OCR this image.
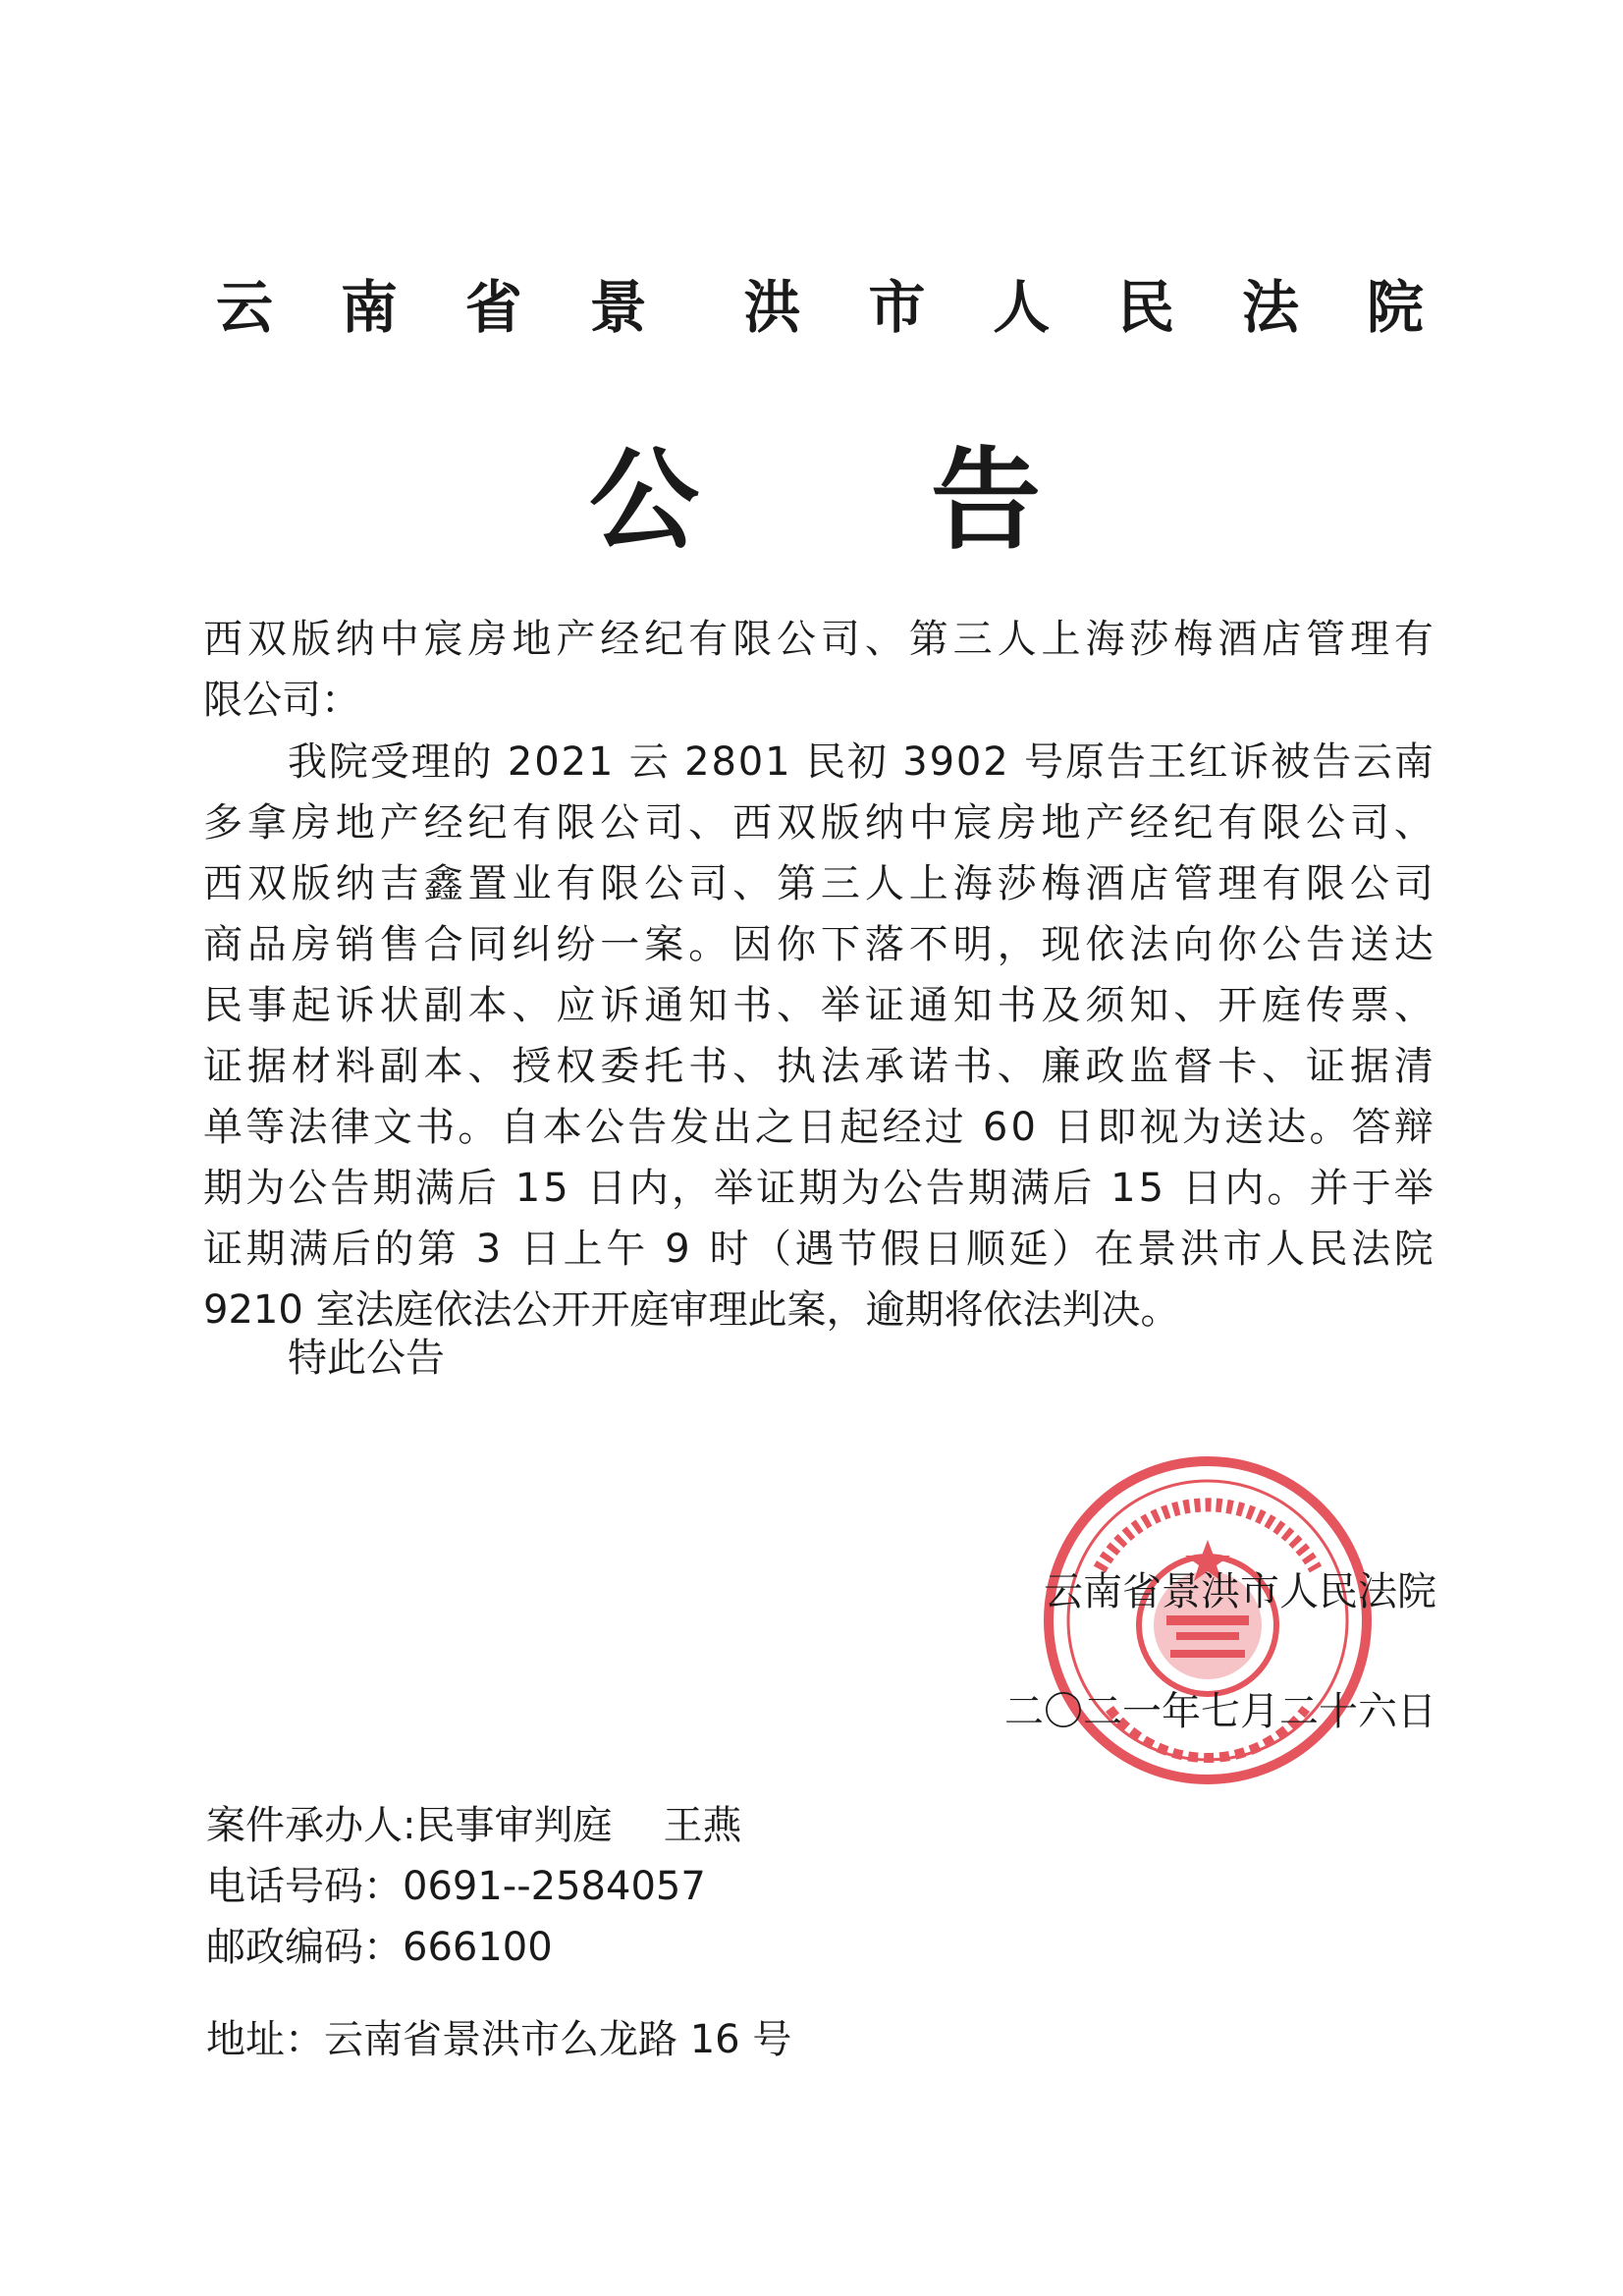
云 南 省 景 洪 市 人 民 法 院
公 告
西 双 版 纳 中 宸 房 地 产 经 纪 有 限 公 司 、 第 三 人 上 海 莎 梅 酒 店 管 理 有
限公司：
我 院 受 理 的
2 0 2 1
云
2 8 0 1
民 初
3 9 0 2
号 原 告 王 红 诉 被 告 云 南
多 拿 房 地 产 经 纪 有 限 公 司 、 西 双 版 纳 中 宸 房 地 产 经 纪 有 限 公 司 、
西 双 版 纳 吉 鑫 置 业 有 限 公 司 、 第 三 人 上 海 莎 梅 酒 店 管 理 有 限 公 司
商 品 房 销 售 合 同 纠 纷 一 案 。 因 你 下 落 不 明 ， 现 依 法 向 你 公 告 送 达
民 事 起 诉 状 副 本 、 应 诉 通 知 书 、 举 证 通 知 书 及 须 知 、 开 庭 传 票 、
证 据 材 料 副 本 、 授 权 委 托 书 、 执 法 承 诺 书 、 廉 政 监 督 卡 、 证 据 清
单 等 法 律 文 书 。 自 本 公 告 发 出 之 日 起 经 过
6 0
日 即 视 为 送 达 。 答 辩
期 为 公 告 期 满 后
1 5
日 内 ， 举 证 期 为 公 告 期 满 后
1 5
日 内 。 并 于 举
证 期 满 后 的 第
3
日 上 午
9
时 （ 遇 节 假 日 顺 延 ） 在 景 洪 市 人 民 法 院
9210 室法庭依法公开开庭审理此案，逾期将依法判决。
特此公告
云南省景洪市人民法院
二〇二一年七月二十六日
案件承办人:民事审判庭 王燕
电话号码：0691--2584057
邮政编码：666100
地址：云南省景洪市么龙路 16 号
